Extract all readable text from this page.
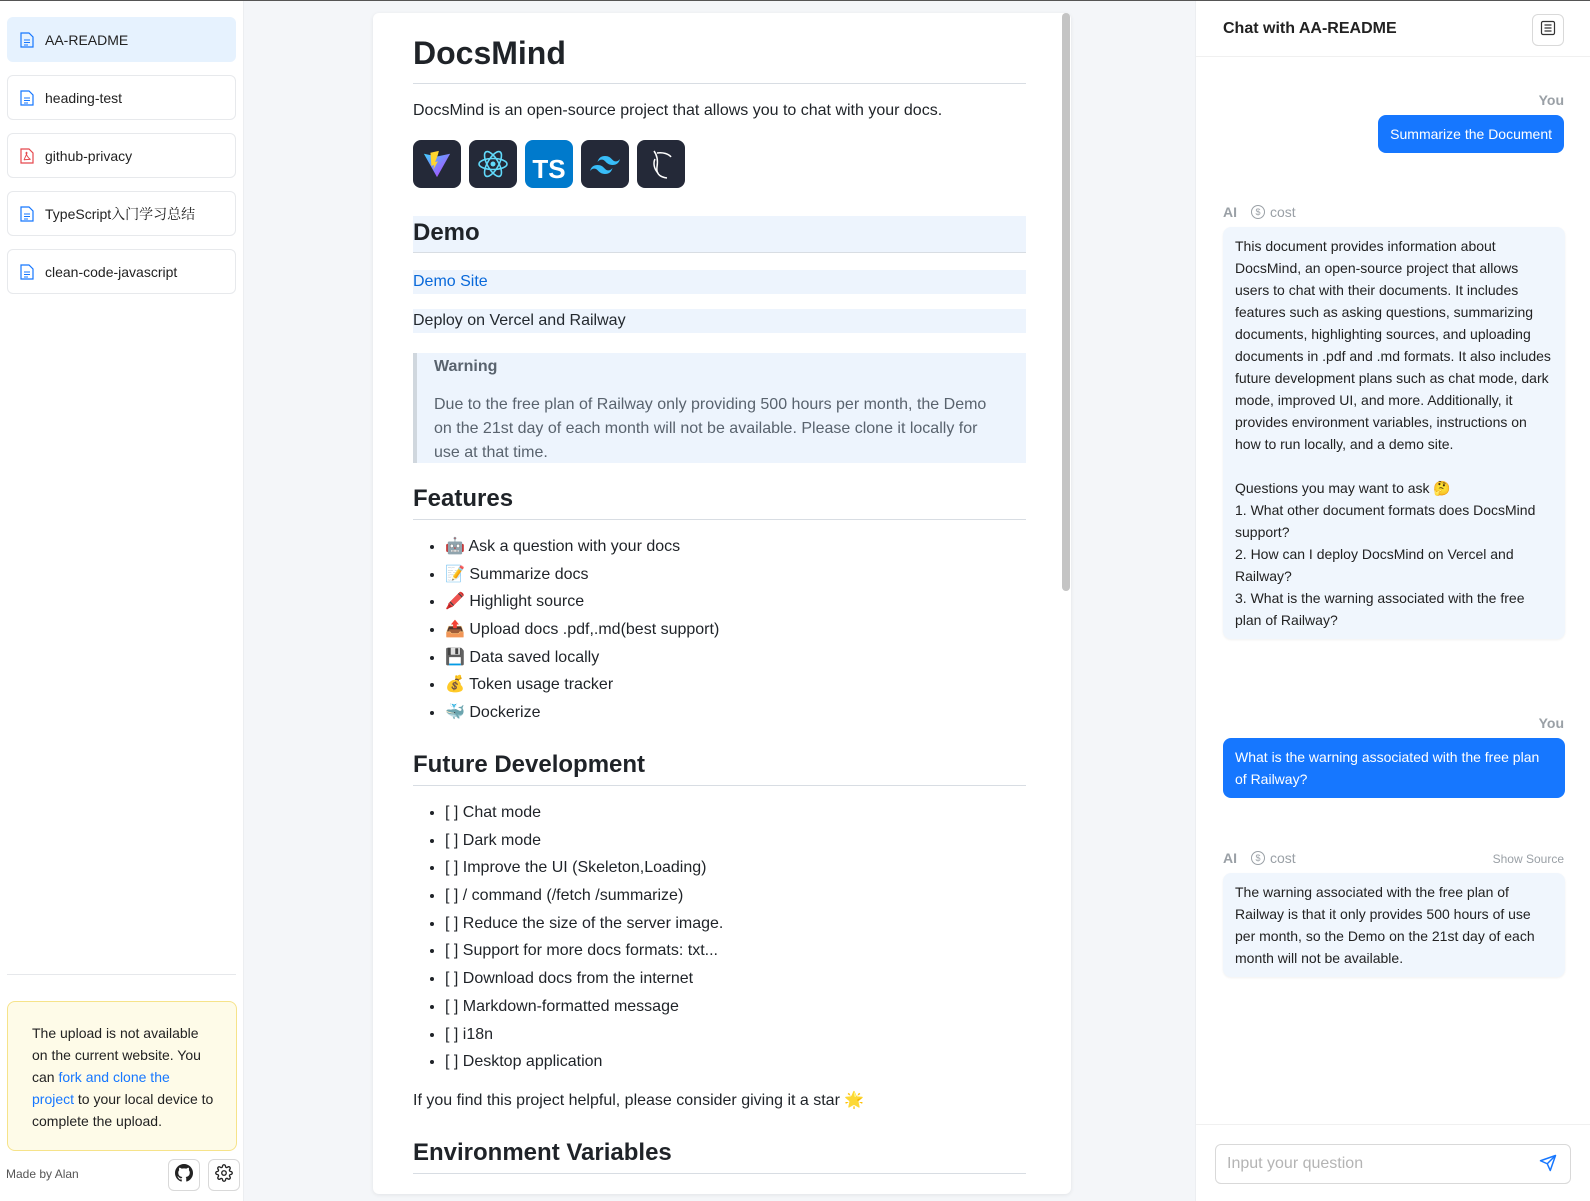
AA-README
heading-test
github-privacy
TypeScript入门学习总结
clean-code-javascript
The upload is not available on the current website. You can fork and clone the project to your local device to complete the upload.
Made by Alan
DocsMind

DocsMind is an open-source project that allows you to chat with your docs.

TS
Demo
Demo Site
Deploy on Vercel and Railway
Warning
Due to the free plan of Railway only providing 500 hours per month, the Demo on the 21st day of each month will not be available. Please clone it locally for use at that time.
Features
• 🤖 Ask a question with your docs
• 📝 Summarize docs
• 🖍️ Highlight source
• 📤 Upload docs .pdf,.md(best support)
• 💾 Data saved locally
• 💰 Token usage tracker
• 🐳 Dockerize
Future Development
• [ ] Chat mode
• [ ] Dark mode
• [ ] Improve the UI (Skeleton,Loading)
• [ ] / command (/fetch /summarize)
• [ ] Reduce the size of the server image.
• [ ] Support for more docs formats: txt...
• [ ] Download docs from the internet
• [ ] Markdown-formatted message
• [ ] i18n
• [ ] Desktop application

If you find this project helpful, please consider giving it a star 🌟

Environment Variables
Chat with AA-README
You
Summarize the Document
AI	$ cost
This document provides information about DocsMind, an open-source project that allows users to chat with their documents. It includes features such as asking questions, summarizing documents, highlighting sources, and uploading documents in .pdf and .md formats. It also includes future development plans such as chat mode, dark mode, improved UI, and more. Additionally, it provides environment variables, instructions on how to run locally, and a demo site.
Questions you may want to ask 🤔
1. What other document formats does DocsMind support?
2. How can I deploy DocsMind on Vercel and Railway?
3. What is the warning associated with the free plan of Railway?
You
What is the warning associated with the free plan of Railway?
AI	$ cost	Show Source
The warning associated with the free plan of Railway is that it only provides 500 hours of use per month, so the Demo on the 21st day of each month will not be available.
Input your question
